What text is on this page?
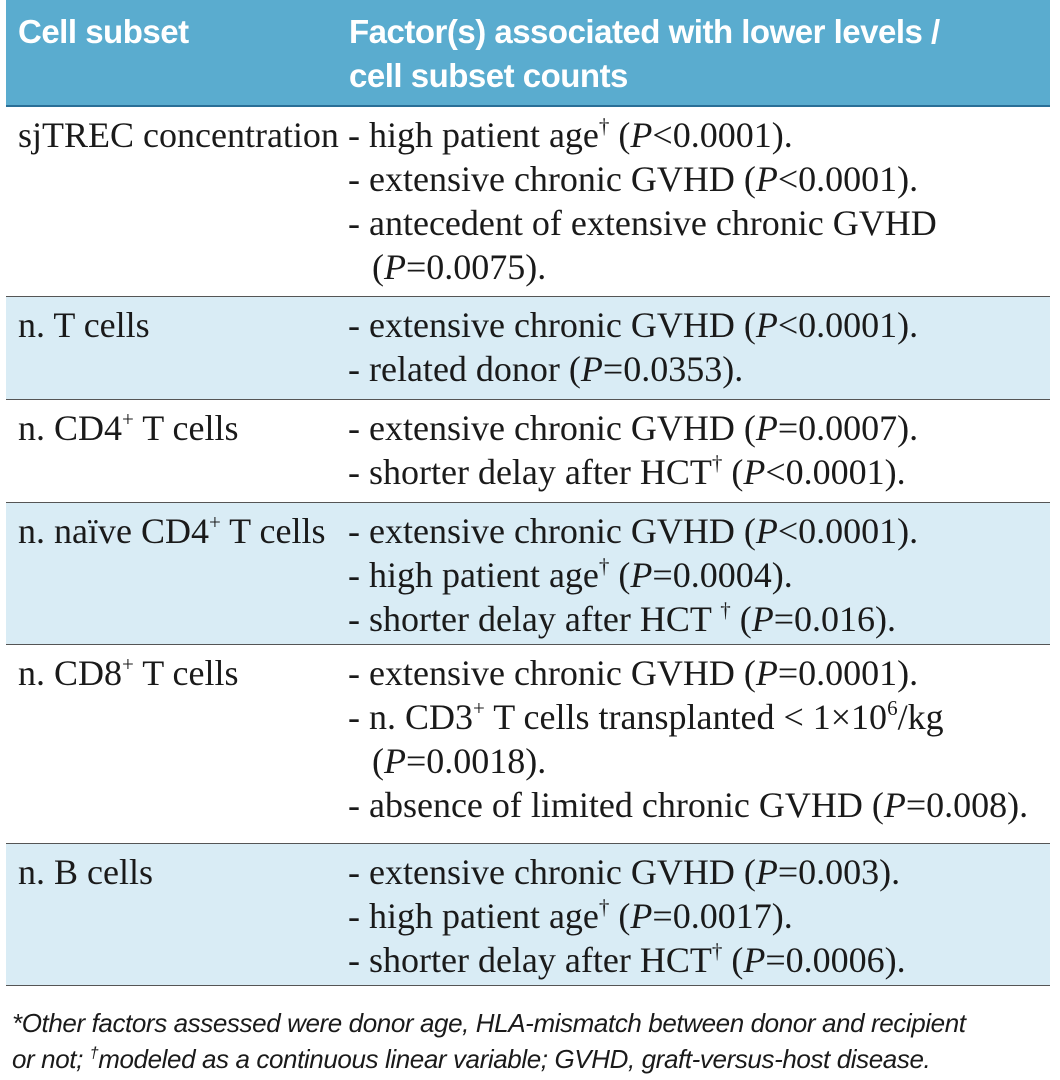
Cell subset	Factor(s) associated with lower levels /
cell subset counts
sjTREC concentration - high patient age† (P<0.0001).
- extensive chronic GVHD (P<0.0001).
- antecedent of extensive chronic GVHD
(P=0.0075).
n. T cells	- extensive chronic GVHD (P<0.0001).
- related donor (P=0.0353).
n. CD4+ T cells	- extensive chronic GVHD (P=0.0007).
- shorter delay after HCT† (P<0.0001).
n. naïve CD4+ T cells - extensive chronic GVHD (P<0.0001).
- high patient age† (P=0.0004).
- shorter delay after HCT † (P=0.016).
n. CD8+ T cells	- extensive chronic GVHD (P=0.0001).
- n. CD3+ T cells transplanted < $1\times 10^6/kg$
(P=0.0018).
- absence of limited chronic GVHD (P=0.008).
n. B cells	- extensive chronic GVHD (P=0.003).
- high patient age† (P=0.0017).
- shorter delay after HCT† (P=0.0006).
*Other factors assessed were donor age, HLA-mismatch between donor and recipient
or not; †modeled as a continuous linear variable; GVHD, graft-versus-host disease.
